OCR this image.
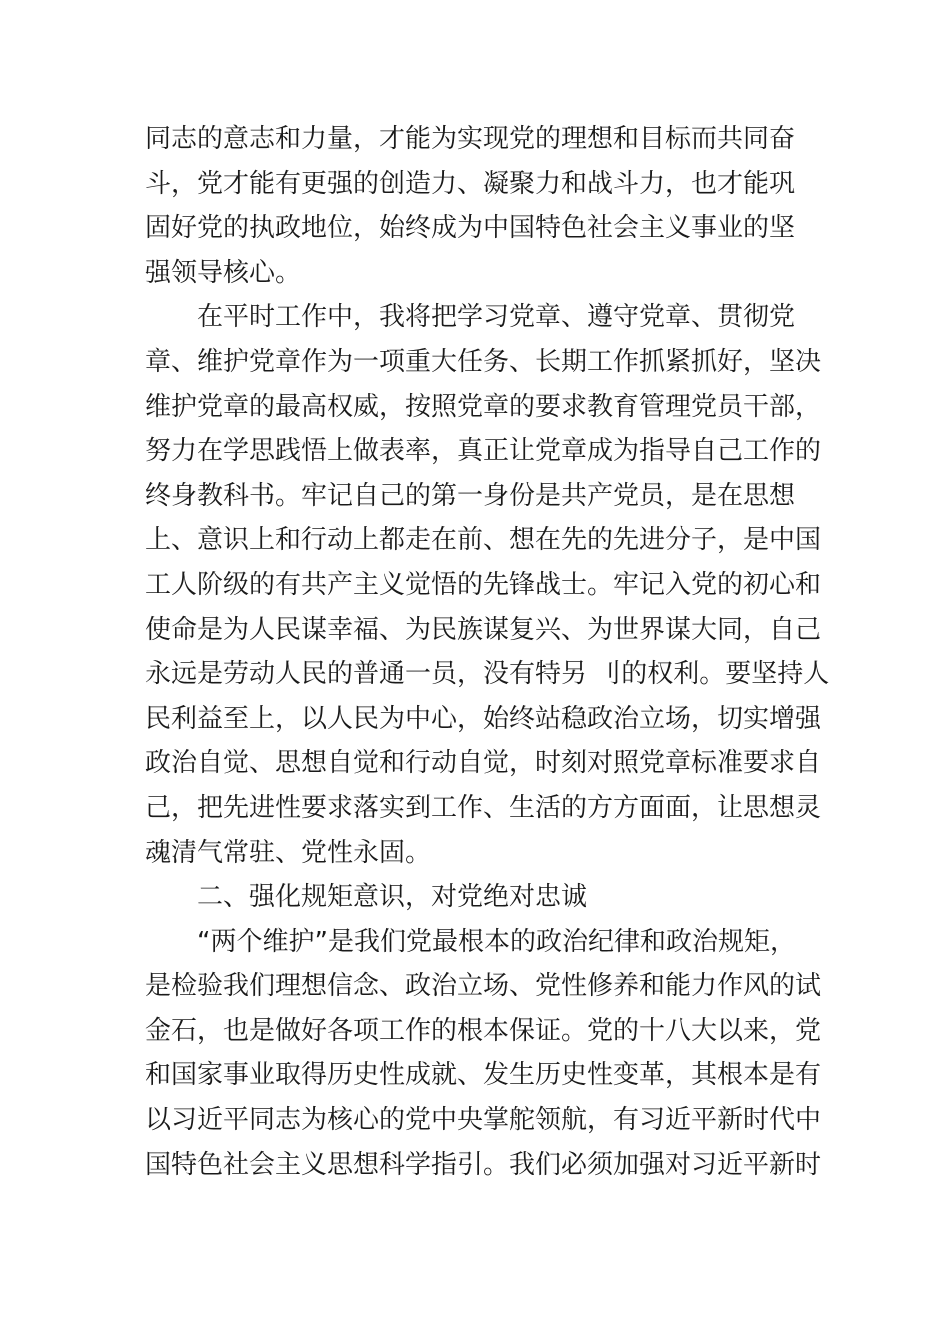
同志的意志和力量，才能为实现党的理想和目标而共同奋
斗，党才能有更强的创造力、凝聚力和战斗力，也才能巩
固好党的执政地位，始终成为中国特色社会主义事业的坚
强领导核心。
在平时工作中，我将把学习党章、遵守党章、贯彻党
章、维护党章作为一项重大任务、长期工作抓紧抓好，坚决
维护党章的最高权威，按照党章的要求教育管理党员干部，
努力在学思践悟上做表率，真正让党章成为指导自己工作的
终身教科书。牢记自己的第一身份是共产党员，是在思想
上、意识上和行动上都走在前、想在先的先进分子，是中国
工人阶级的有共产主义觉悟的先锋战士。牢记入党的初心和
使命是为人民谋幸福、为民族谋复兴、为世界谋大同，自己
永远是劳动人民的普通一员，没有特另 刂的权利。要坚持人
民利益至上，以人民为中心，始终站稳政治立场，切实增强
政治自觉、思想自觉和行动自觉，时刻对照党章标准要求自
己，把先进性要求落实到工作、生活的方方面面，让思想灵
魂清气常驻、党性永固。
二、强化规矩意识，对党绝对忠诚
“两个维护”是我们党最根本的政治纪律和政治规矩，
是检验我们理想信念、政治立场、党性修养和能力作风的试
金石，也是做好各项工作的根本保证。党的十八大以来，党
和国家事业取得历史性成就、发生历史性变革，其根本是有
以习近平同志为核心的党中央掌舵领航，有习近平新时代中
国特色社会主义思想科学指引。我们必须加强对习近平新时
